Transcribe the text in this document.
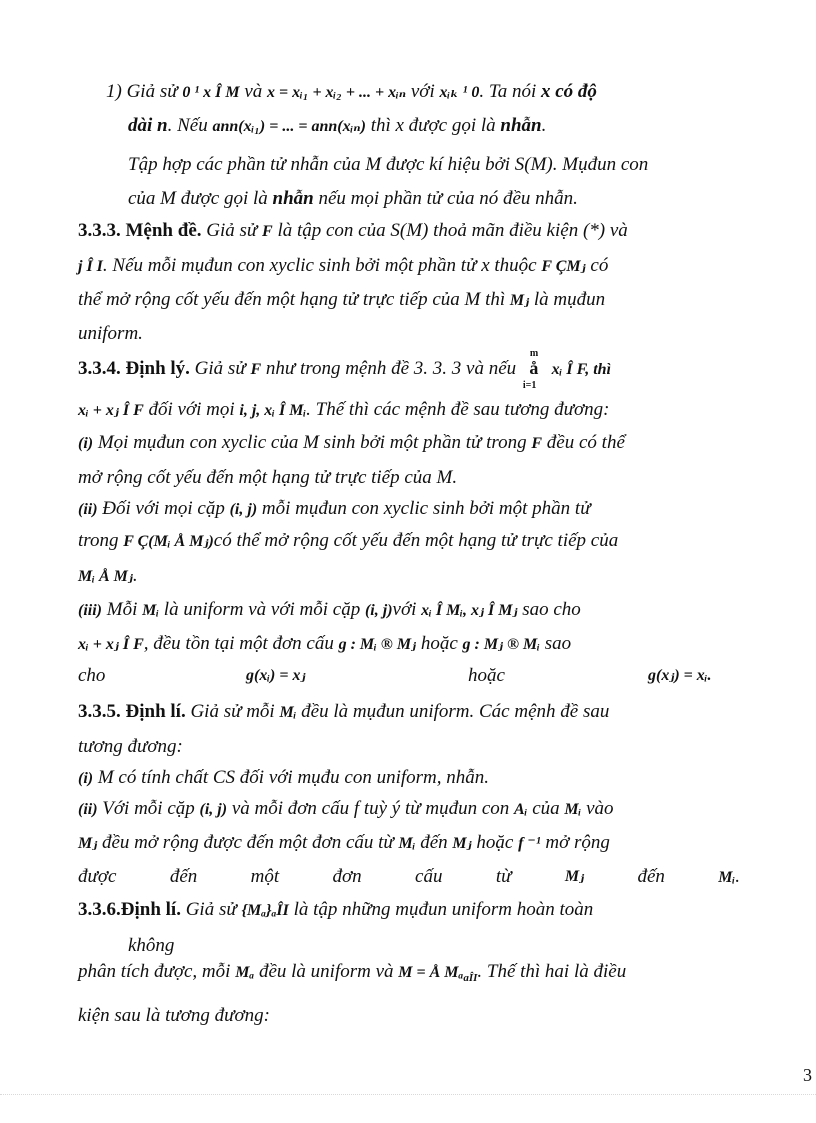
1) Giả sử 0 ¹ x Î M và x = xᵢ₁ + xᵢ₂ + ... + xᵢₙ với xᵢₖ ¹ 0. Ta nói x có độ
dài n. Nếu ann(xᵢ₁) = ... = ann(xᵢₙ) thì x được gọi là nhẫn.
Tập hợp các phần tử nhẫn của M được kí hiệu bởi S(M). Mụđun con
của M được gọi là nhẫn nếu mọi phần tử của nó đều nhẫn.
3.3.3. Mệnh đề. Giả sử F là tập con của S(M) thoả mãn điều kiện (*) và
j Î I. Nếu mỗi mụđun con xyclic sinh bởi một phần tử x thuộc F ÇMⱼ có
thể mở rộng cốt yếu đến một hạng tử trực tiếp của M thì Mⱼ là mụđun
uniform.
3.3.4. Định lý. Giả sử F như trong mệnh đề 3. 3. 3 và nếu
m
å
i=1
xᵢ Î F, thì
xᵢ + xⱼ Î F đối với mọi i, j, xᵢ Î Mᵢ. Thế thì các mệnh đề sau tương đương:
(i) Mọi mụđun con xyclic của M sinh bởi một phần tử trong F đều có thể
mở rộng cốt yếu đến một hạng tử trực tiếp của M.
(ii) Đối với mọi cặp (i, j) mỗi mụđun con xyclic sinh bởi một phần tử
trong F Ç(Mᵢ Å Mⱼ)có thể mở rộng cốt yếu đến một hạng tử trực tiếp của
Mᵢ Å Mⱼ.
(iii) Mỗi Mᵢ là uniform và với mỗi cặp (i, j)với xᵢ Î Mᵢ, xⱼ Î Mⱼ sao cho
xᵢ + xⱼ Î F, đều tồn tại một đơn cấu g : Mᵢ ® Mⱼ hoặc g : Mⱼ ® Mᵢ sao
cho	g(xᵢ) = xⱼ	hoặc	g(xⱼ) = xᵢ.
3.3.5. Định lí. Giả sử mỗi Mᵢ đều là mụđun uniform. Các mệnh đề sau
tương đương:
(i) M có tính chất CS đối với mụđu con uniform, nhẫn.
(ii) Với mỗi cặp (i, j) và mỗi đơn cấu f tuỳ ý từ mụđun con Aᵢ của Mᵢ vào
Mⱼ đều mở rộng được đến một đơn cấu từ Mᵢ đến Mⱼ hoặc f ⁻¹ mở rộng
được	đến	một	đơn	cấu	từ	Mⱼ	đến	Mᵢ.
3.3.6.Định lí. Giả sử {Mₐ}ₐÎI là tập những mụđun uniform hoàn toàn
không
phân tích được, mỗi Mₐ đều là uniform và M = Å Mₐ$_{aÎI}$. Thế thì hai là điều
kiện sau là tương đương:
3
